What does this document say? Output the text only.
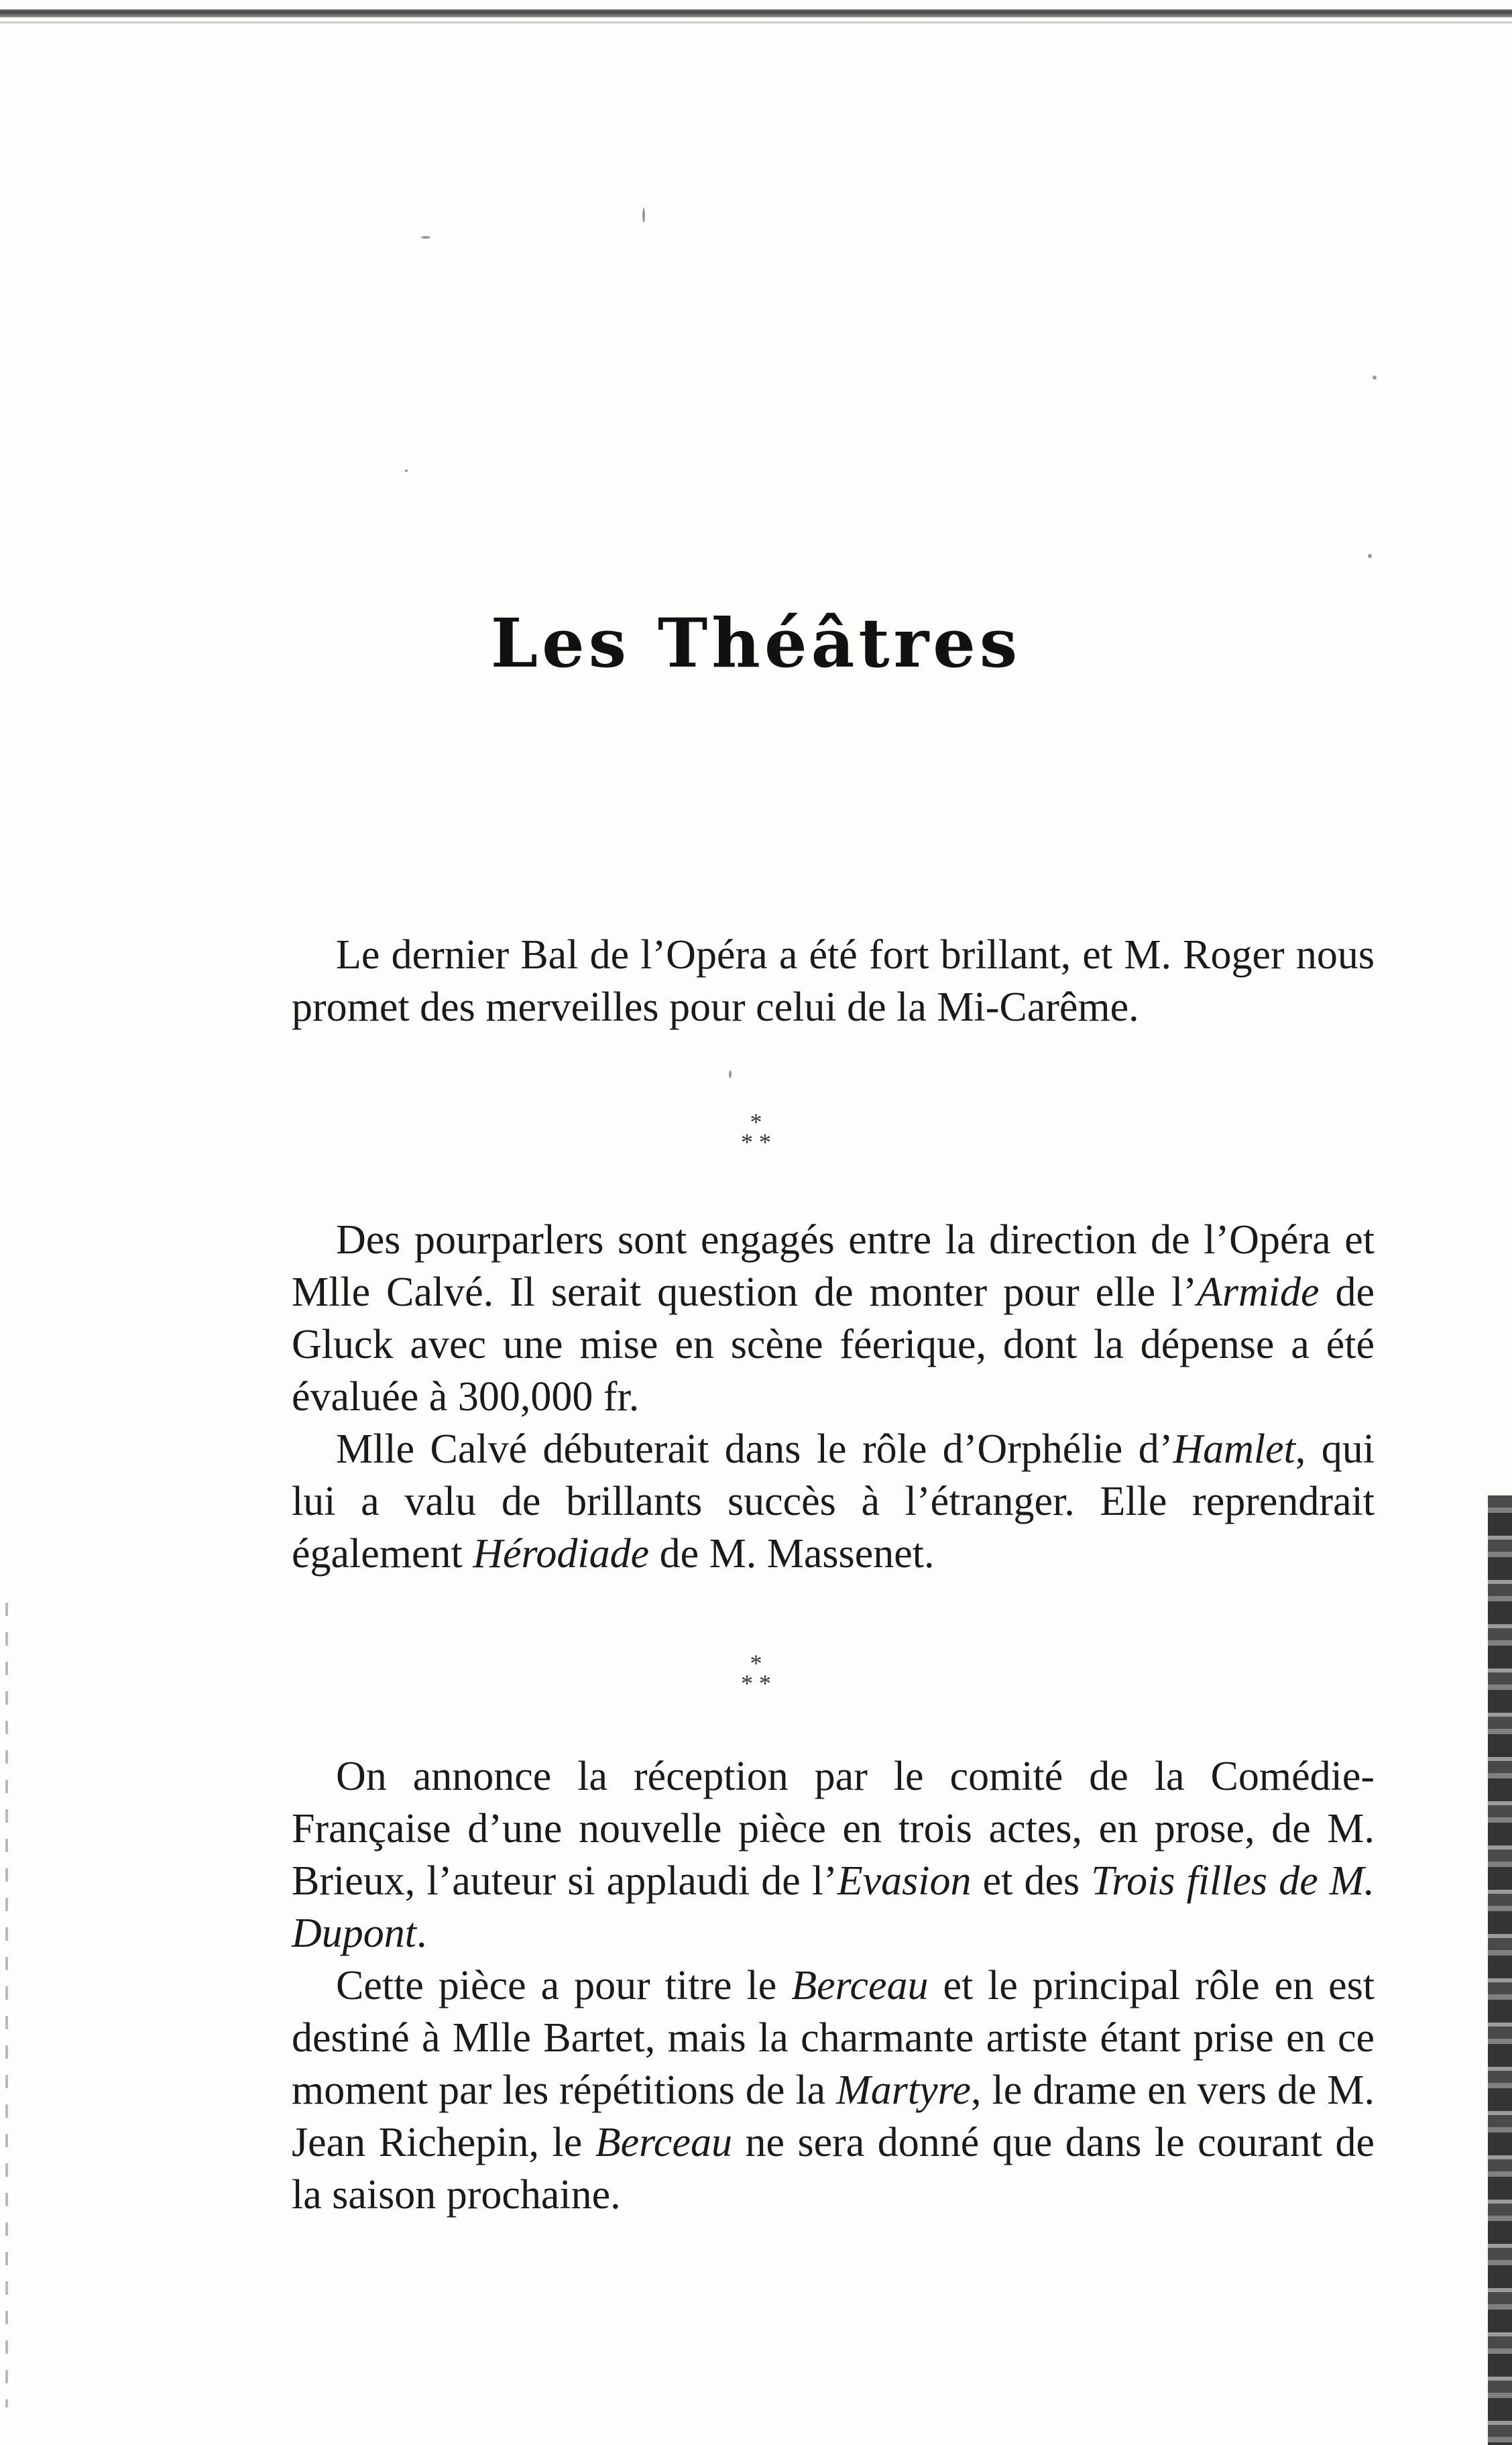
Les Théâtres

Le dernier Bal de l’Opéra a été fort brillant, et M. Roger nous promet des merveilles pour celui de la Mi-Carême.

*
* *

Des pourparlers sont engagés entre la direction de l’Opéra et Mlle Calvé. Il serait question de monter pour elle l’Armide de Gluck avec une mise en scène féerique, dont la dépense a été évaluée à 300,000 fr.

Mlle Calvé débuterait dans le rôle d’Orphélie d’Hamlet, qui lui a valu de brillants succès à l’étranger. Elle reprendrait également Hérodiade de M. Massenet.

*
* *

On annonce la réception par le comité de la Comédie-Française d’une nouvelle pièce en trois actes, en prose, de M. Brieux, l’auteur si applaudi de l’Evasion et des Trois filles de M. Dupont.

Cette pièce a pour titre le Berceau et le principal rôle en est destiné à Mlle Bartet, mais la charmante artiste étant prise en ce moment par les répétitions de la Martyre, le drame en vers de M. Jean Richepin, le Berceau ne sera donné que dans le courant de la saison prochaine.
